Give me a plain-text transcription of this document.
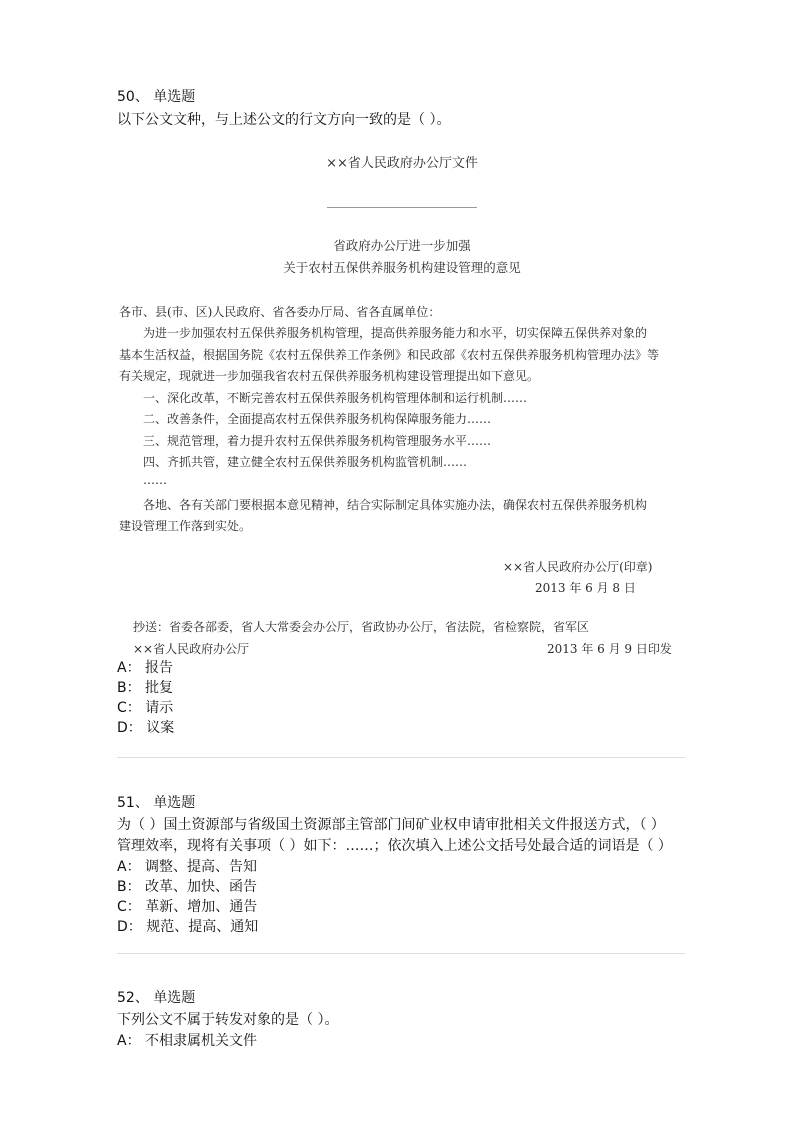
50、 单选题
以下公文文种，与上述公文的行文方向一致的是（ ）。
××省人民政府办公厅文件
省政府办公厅进一步加强
关于农村五保供养服务机构建设管理的意见
各市、县(市、区)人民政府、省各委办厅局、省各直属单位：
为进一步加强农村五保供养服务机构管理，提高供养服务能力和水平，切实保障五保供养对象的
基本生活权益，根据国务院《农村五保供养工作条例》和民政部《农村五保供养服务机构管理办法》等
有关规定，现就进一步加强我省农村五保供养服务机构建设管理提出如下意见。
一、深化改革，不断完善农村五保供养服务机构管理体制和运行机制……
二、改善条件，全面提高农村五保供养服务机构保障服务能力……
三、规范管理，着力提升农村五保供养服务机构管理服务水平……
四、齐抓共管，建立健全农村五保供养服务机构监管机制……
……
各地、各有关部门要根据本意见精神，结合实际制定具体实施办法，确保农村五保供养服务机构
建设管理工作落到实处。
××省人民政府办公厅(印章)
2013 年 6 月 8 日
抄送：省委各部委，省人大常委会办公厅，省政协办公厅，省法院，省检察院，省军区
××省人民政府办公厅	2013 年 6 月 9 日印发
A： 报告
B： 批复
C： 请示
D： 议案
51、 单选题
为（ ）国土资源部与省级国土资源部主管部门间矿业权申请审批相关文件报送方式，（ ）
管理效率，现将有关事项（ ）如下：……；依次填入上述公文括号处最合适的词语是（ ）
A： 调整、提高、告知
B： 改革、加快、函告
C： 革新、增加、通告
D： 规范、提高、通知
52、 单选题
下列公文不属于转发对象的是（ ）。
A： 不相隶属机关文件
